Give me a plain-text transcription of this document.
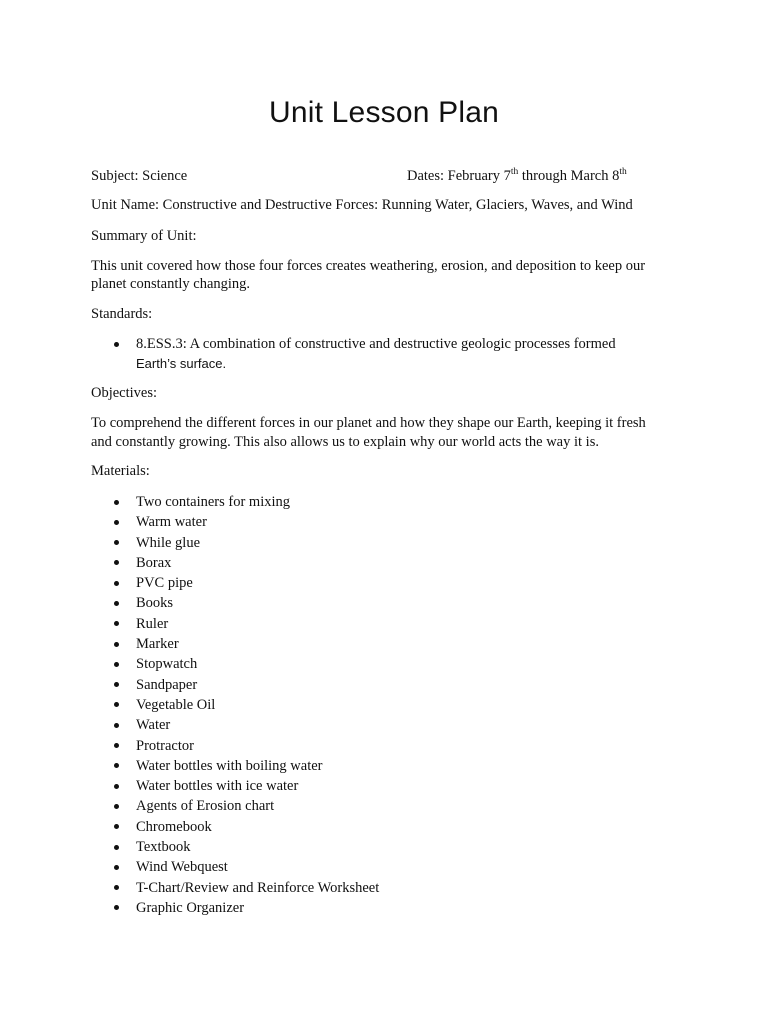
Unit Lesson Plan
Subject: Science	Dates: February 7th through March 8th
Unit Name: Constructive and Destructive Forces: Running Water, Glaciers, Waves, and Wind
Summary of Unit:
This unit covered how those four forces creates weathering, erosion, and deposition to keep our
planet constantly changing.
Standards:
8.ESS.3: A combination of constructive and destructive geologic processes formed
Earth’s surface.
Objectives:
To comprehend the different forces in our planet and how they shape our Earth, keeping it fresh
and constantly growing. This also allows us to explain why our world acts the way it is.
Materials:
Two containers for mixing
Warm water
While glue
Borax
PVC pipe
Books
Ruler
Marker
Stopwatch
Sandpaper
Vegetable Oil
Water
Protractor
Water bottles with boiling water
Water bottles with ice water
Agents of Erosion chart
Chromebook
Textbook
Wind Webquest
T-Chart/Review and Reinforce Worksheet
Graphic Organizer
